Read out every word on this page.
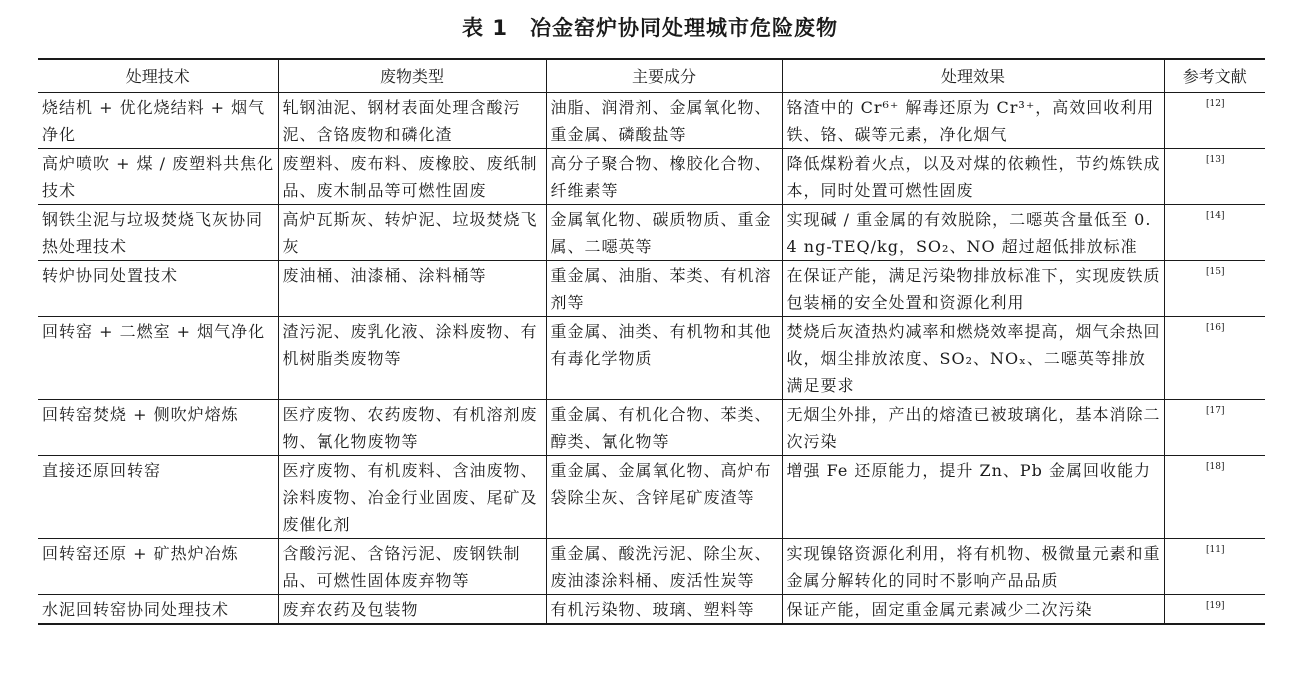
表 1 冶金窑炉协同处理城市危险废物
处理技术	废物类型	主要成分	处理效果	参考文献
烧结机 + 优化烧结料 + 烟气净化	轧钢油泥、钢材表面处理含酸污泥、含铬废物和磷化渣	油脂、润滑剂、金属氧化物、重金属、磷酸盐等	铬渣中的 Cr⁶⁺ 解毒还原为 Cr³⁺，高效回收利用铁、铬、碳等元素，净化烟气	[12]
高炉喷吹 + 煤 / 废塑料共焦化技术	废塑料、废布料、废橡胶、废纸制品、废木制品等可燃性固废	高分子聚合物、橡胶化合物、纤维素等	降低煤粉着火点，以及对煤的依赖性，节约炼铁成本，同时处置可燃性固废	[13]
钢铁尘泥与垃圾焚烧飞灰协同热处理技术	高炉瓦斯灰、转炉泥、垃圾焚烧飞灰	金属氧化物、碳质物质、重金属、二噁英等	实现碱 / 重金属的有效脱除，二噁英含量低至 0.4 ng-TEQ/kg，SO₂、NO 超过超低排放标准	[14]
转炉协同处置技术	废油桶、油漆桶、涂料桶等	重金属、油脂、苯类、有机溶剂等	在保证产能，满足污染物排放标准下，实现废铁质包装桶的安全处置和资源化利用	[15]
回转窑 + 二燃室 + 烟气净化	渣污泥、废乳化液、涂料废物、有机树脂类废物等	重金属、油类、有机物和其他有毒化学物质	焚烧后灰渣热灼减率和燃烧效率提高，烟气余热回收，烟尘排放浓度、SO₂、NOₓ、二噁英等排放满足要求	[16]
回转窑焚烧 + 侧吹炉熔炼	医疗废物、农药废物、有机溶剂废物、氰化物废物等	重金属、有机化合物、苯类、醇类、氰化物等	无烟尘外排，产出的熔渣已被玻璃化，基本消除二次污染	[17]
直接还原回转窑	医疗废物、有机废料、含油废物、涂料废物、冶金行业固废、尾矿及废催化剂	重金属、金属氧化物、高炉布袋除尘灰、含锌尾矿废渣等	增强 Fe 还原能力，提升 Zn、Pb 金属回收能力	[18]
回转窑还原 + 矿热炉冶炼	含酸污泥、含铬污泥、废钢铁制品、可燃性固体废弃物等	重金属、酸洗污泥、除尘灰、废油漆涂料桶、废活性炭等	实现镍铬资源化利用，将有机物、极微量元素和重金属分解转化的同时不影响产品品质	[11]
水泥回转窑协同处理技术	废弃农药及包装物	有机污染物、玻璃、塑料等	保证产能，固定重金属元素减少二次污染	[19]
